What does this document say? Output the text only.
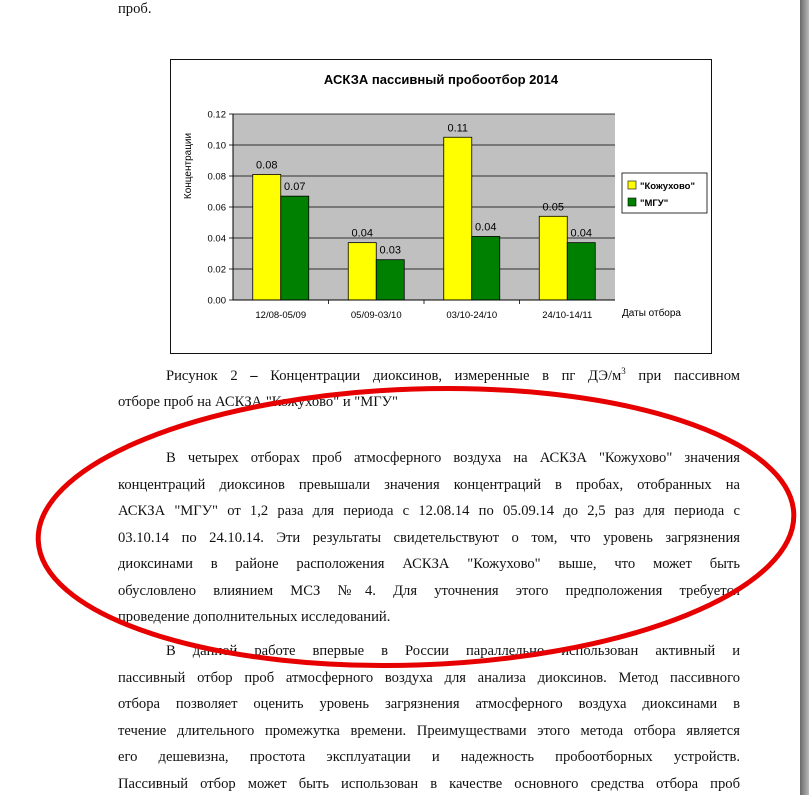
проб.
АСКЗА пассивный пробоотбор 2014
0.00
0.02
0.04
0.06
0.08
0.10
0.12
0.08
0.07
0.04
0.03
0.11
0.04
0.05
0.04
12/08-05/09	05/09-03/10	03/10-24/10	24/10-14/11
Концентрации
Даты отбора
"Кожухово"
"МГУ"
Рисунок 2 – Концентрации диоксинов, измеренные в пг $ДЭ/м^3$ при пассивном
отборе проб на АСКЗА "Кожухово" и "МГУ"
В четырех отборах проб атмосферного воздуха на АСКЗА "Кожухово" значения
концентраций диоксинов превышали значения концентраций в пробах, отобранных на
АСКЗА "МГУ" от 1,2 раза для периода с 12.08.14 по 05.09.14 до 2,5 раз для периода с
03.10.14 по 24.10.14. Эти результаты свидетельствуют о том, что уровень загрязнения
диоксинами в районе расположения АСКЗА "Кожухово" выше, что может быть
обусловлено влиянием МСЗ №4. Для уточнения этого предположения требуется
проведение дополнительных исследований.
В данной работе впервые в России параллельно использован активный и
пассивный отбор проб атмосферного воздуха для анализа диоксинов. Метод пассивного
отбора позволяет оценить уровень загрязнения атмосферного воздуха диоксинами в
течение длительного промежутка времени. Преимуществами этого метода отбора является
его дешевизна, простота эксплуатации и надежность пробоотборных устройств.
Пассивный отбор может быть использован в качестве основного средства отбора проб
